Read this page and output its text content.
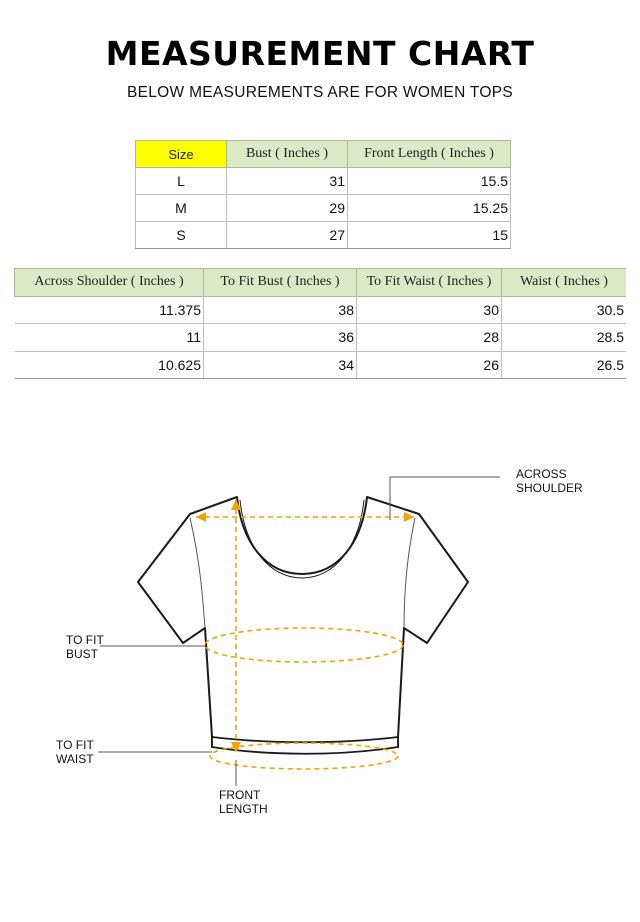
MEASUREMENT CHART
BELOW MEASUREMENTS ARE FOR WOMEN TOPS
Size	Bust ( Inches )	Front Length ( Inches )
L	31	15.5
M	29	15.25
S	27	15
Across Shoulder ( Inches )	To Fit Bust ( Inches )	To Fit Waist ( Inches )	Waist ( Inches )
11.375	38	30	30.5
11	36	28	28.5
10.625	34	26	26.5
ACROSS
SHOULDER
TO FIT
BUST
TO FIT
WAIST
FRONT
LENGTH
